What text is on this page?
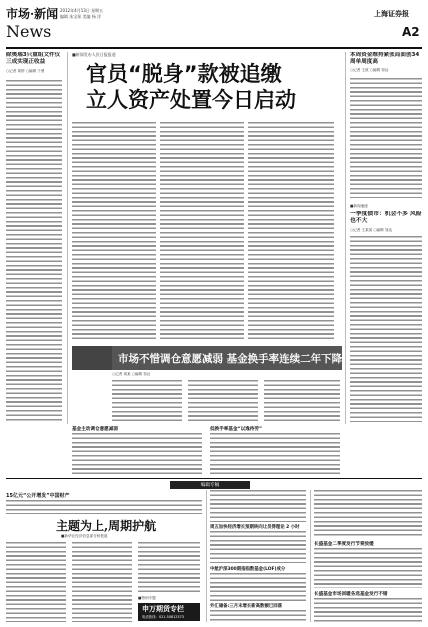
市场·新闻
News
2012年4月13日 星期五
编辑 朱宝琛 美编 杨 洋	上海证券报
A2
除奥瑞3只重组文件仅三成实现正收益
○记者 周婷 ○编辑 于勇
■新闻发布人民日报报道
官员“脱身”款被追缴
立人资产处置今日启动
本周资金维持紧张局面创34周单周度高
○记者 王波 ○编辑 邹达
■新闻速递
一季度债市：机会不多 风险也不大
○记者 王某某 ○编辑 邹达
市场不惜调仓意愿减弱 基金换手率连续二年下降
○记者 周某 ○编辑 邹达
基金主动调仓意愿减弱	低换手率基金“以逸待劳”
编辑专稿
15亿元“公开增发”中国财产
主题为上,周期护航
■新华社经济信息部分析报道
■特别专题
申万期货专栏
电话热线：021-50812373
周五加快经济增长预期转向让员得理论 2 小时
中航沪深300期指指数基金(LOF)成分
外汇储备:三月末增长新高数额已回落
长盛基金二季度发行节奏放缓
长盛基金市场回暖各选基金发行不错
